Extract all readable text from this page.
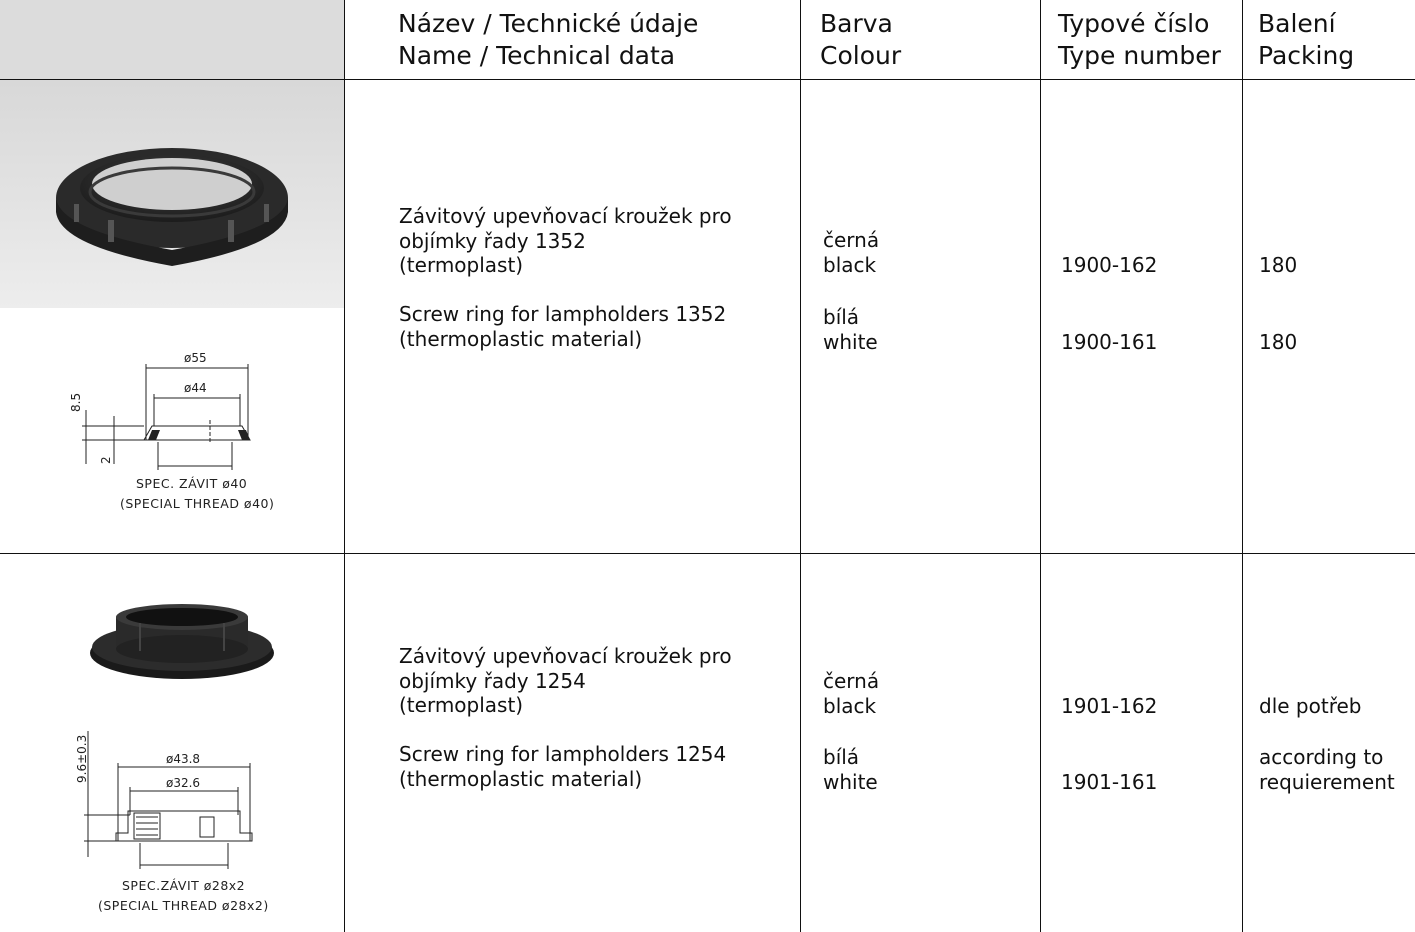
Název / Technické údaje
Name / Technical data
Barva
Colour
Typové číslo
Type number
Balení
Packing
ø55
ø44
8.5
2
SPEC. ZÁVIT ø40
(SPECIAL THREAD ø40)
Závitový upevňovací kroužek pro
objímky řady 1352
(termoplast)

Screw ring for lampholders 1352
(thermoplastic material)
černá
black
bílá
white
1900-162
1900-161
180
180
9.6±0.3	ø43.8
ø32.6
SPEC.ZÁVIT ø28x2
(SPECIAL THREAD ø28x2)
Závitový upevňovací kroužek pro
objímky řady 1254
(termoplast)

Screw ring for lampholders 1254
(thermoplastic material)
černá
black
bílá
white
1901-162
1901-161
dle potřeb
according to
requierement
